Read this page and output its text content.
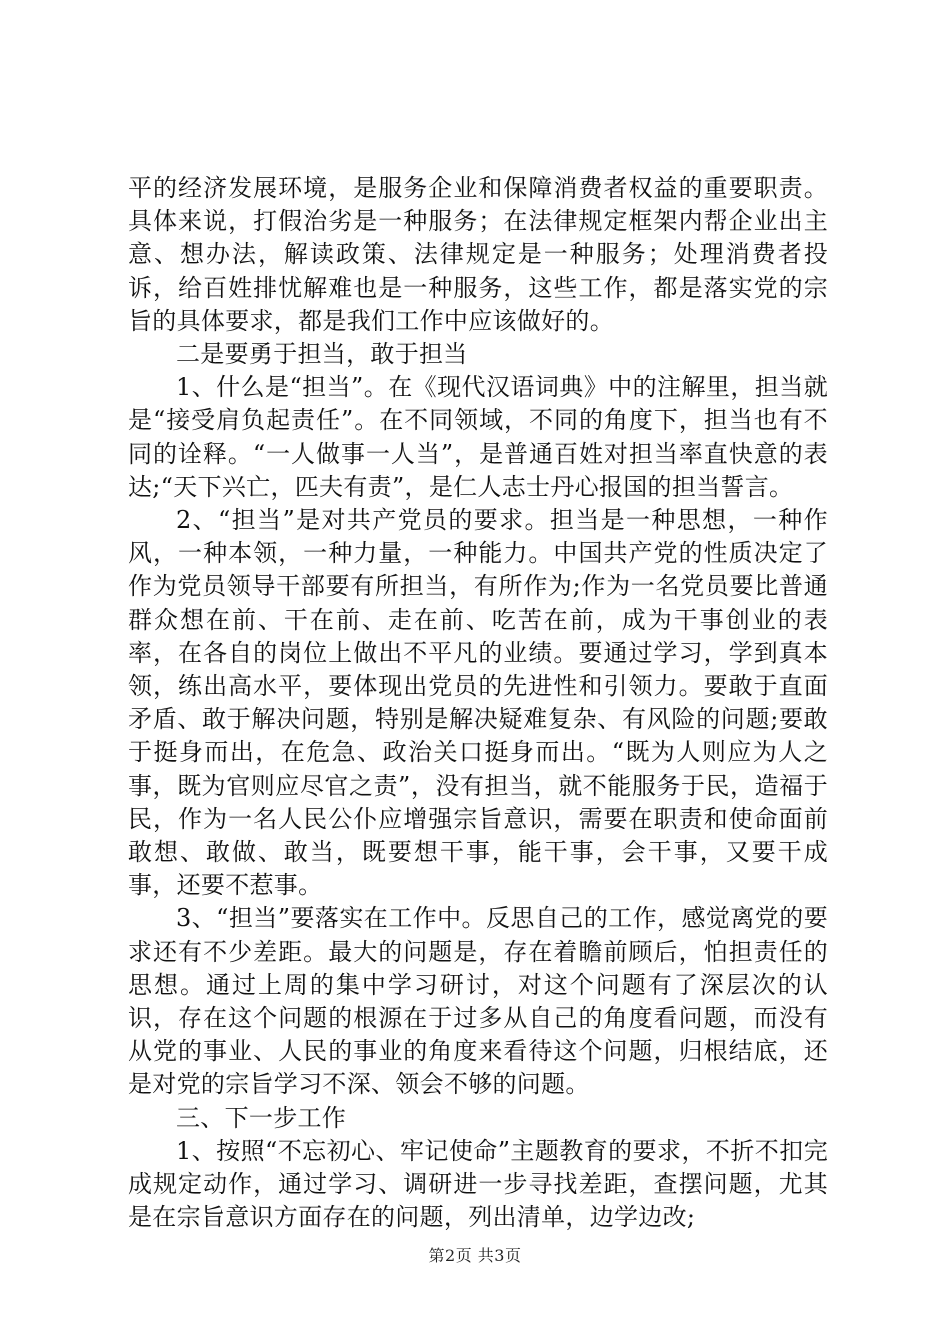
平的经济发展环境，是服务企业和保障消费者权益的重要职责。具体来说，打假治劣是一种服务；在法律规定框架内帮企业出主意、想办法，解读政策、法律规定是一种服务；处理消费者投诉，给百姓排忧解难也是一种服务，这些工作，都是落实党的宗旨的具体要求，都是我们工作中应该做好的。

二是要勇于担当，敢于担当

1、什么是“担当”。在《现代汉语词典》中的注解里，担当就是“接受肩负起责任”。在不同领域，不同的角度下，担当也有不同的诠释。“一人做事一人当”，是普通百姓对担当率直快意的表达;“天下兴亡，匹夫有责”，是仁人志士丹心报国的担当誓言。

2、“担当”是对共产党员的要求。担当是一种思想，一种作风，一种本领，一种力量，一种能力。中国共产党的性质决定了作为党员领导干部要有所担当，有所作为;作为一名党员要比普通群众想在前、干在前、走在前、吃苦在前，成为干事创业的表率，在各自的岗位上做出不平凡的业绩。要通过学习，学到真本领，练出高水平，要体现出党员的先进性和引领力。要敢于直面矛盾、敢于解决问题，特别是解决疑难复杂、有风险的问题;要敢于挺身而出，在危急、政治关口挺身而出。“既为人则应为人之事，既为官则应尽官之责”，没有担当，就不能服务于民，造福于民，作为一名人民公仆应增强宗旨意识，需要在职责和使命面前敢想、敢做、敢当，既要想干事，能干事，会干事，又要干成事，还要不惹事。

3、“担当”要落实在工作中。反思自己的工作，感觉离党的要求还有不少差距。最大的问题是，存在着瞻前顾后，怕担责任的思想。通过上周的集中学习研讨，对这个问题有了深层次的认识，存在这个问题的根源在于过多从自己的角度看问题，而没有从党的事业、人民的事业的角度来看待这个问题，归根结底，还是对党的宗旨学习不深、领会不够的问题。

三、下一步工作

1、按照“不忘初心、牢记使命”主题教育的要求，不折不扣完成规定动作，通过学习、调研进一步寻找差距，查摆问题，尤其是在宗旨意识方面存在的问题，列出清单，边学边改;

第2页 共3页
